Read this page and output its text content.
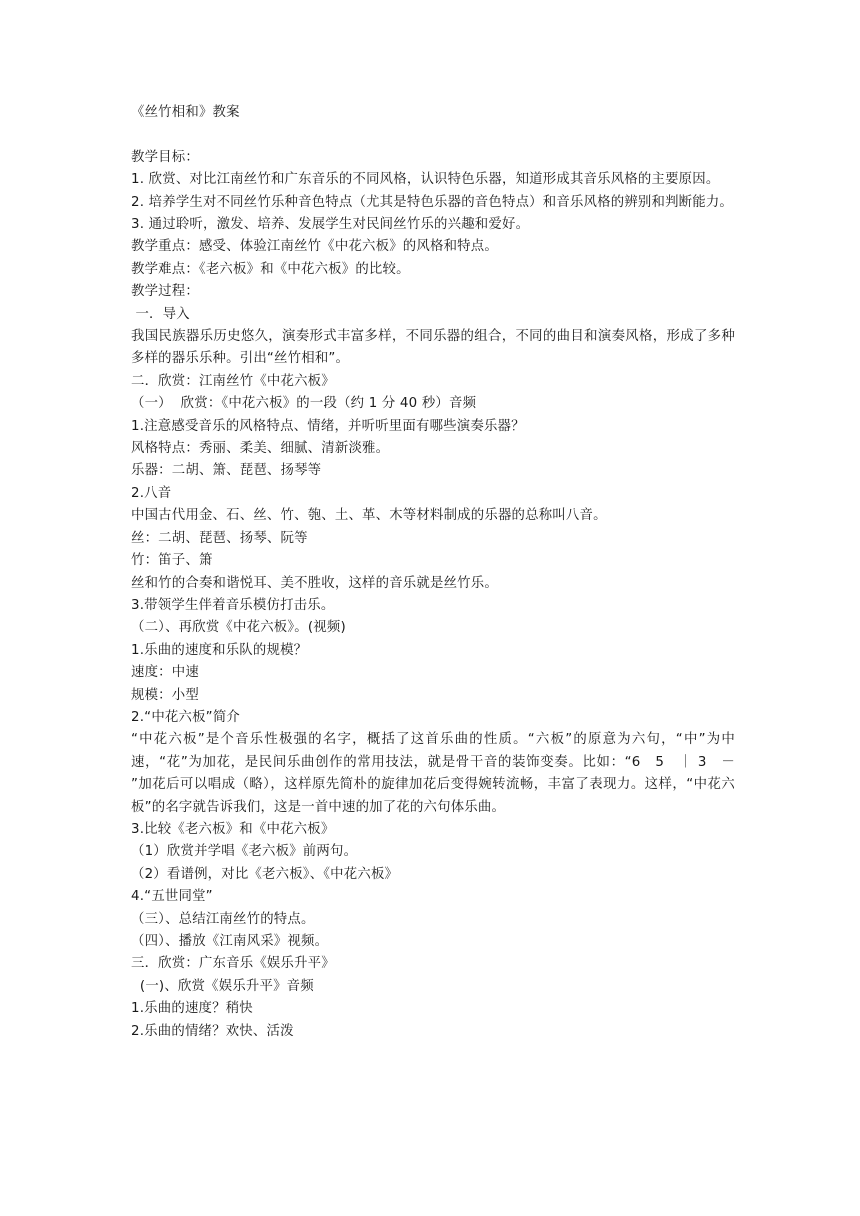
《丝竹相和》教案
教学目标：
1. 欣赏、对比江南丝竹和广东音乐的不同风格，认识特色乐器，知道形成其音乐风格的主要原因。
2. 培养学生对不同丝竹乐种音色特点（尤其是特色乐器的音色特点）和音乐风格的辨别和判断能力。
3. 通过聆听，激发、培养、发展学生对民间丝竹乐的兴趣和爱好。
教学重点：感受、体验江南丝竹《中花六板》的风格和特点。
教学难点：《老六板》和《中花六板》的比较。
教学过程：
一．导入
我国民族器乐历史悠久，演奏形式丰富多样，不同乐器的组合，不同的曲目和演奏风格，形成了多种多样的器乐乐种。引出“丝竹相和”。
二．欣赏：江南丝竹《中花六板》
（一）  欣赏：《中花六板》的一段（约 1 分 40 秒）音频
1.注意感受音乐的风格特点、情绪，并听听里面有哪些演奏乐器？
风格特点：秀丽、柔美、细腻、清新淡雅。
乐器：二胡、箫、琵琶、扬琴等
2.八音
中国古代用金、石、丝、竹、匏、土、革、木等材料制成的乐器的总称叫八音。
丝：二胡、琵琶、扬琴、阮等
竹：笛子、箫
丝和竹的合奏和谐悦耳、美不胜收，这样的音乐就是丝竹乐。
3.带领学生伴着音乐模仿打击乐。
（二）、再欣赏《中花六板》。(视频)
1.乐曲的速度和乐队的规模？
速度：中速
规模：小型
2.“中花六板”简介
“中花六板”是个音乐性极强的名字，概括了这首乐曲的性质。“六板”的原意为六句，“中”为中速，“花”为加花，是民间乐曲创作的常用技法，就是骨干音的装饰变奏。比如：“6   5   ｜ 3   －   ”加花后可以唱成（略），这样原先简朴的旋律加花后变得婉转流畅，丰富了表现力。这样，“中花六板”的名字就告诉我们，这是一首中速的加了花的六句体乐曲。
3.比较《老六板》和《中花六板》
（1）欣赏并学唱《老六板》前两句。
（2）看谱例，对比《老六板》、《中花六板》
4.“五世同堂”
（三）、总结江南丝竹的特点。
（四）、播放《江南风采》视频。
三．欣赏：广东音乐《娱乐升平》
(一)、欣赏《娱乐升平》音频
1.乐曲的速度？稍快
2.乐曲的情绪？欢快、活泼
